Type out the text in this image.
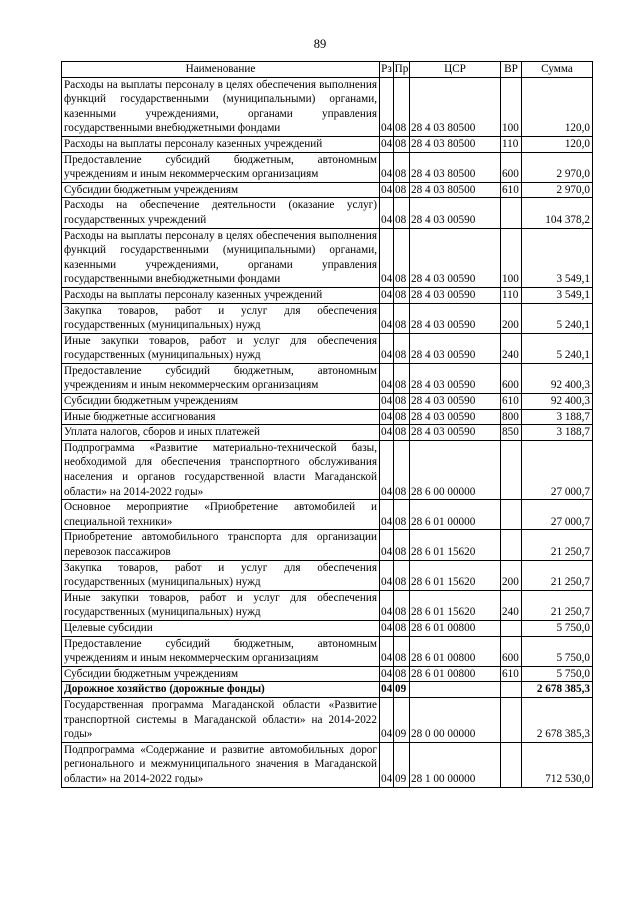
89
Наименование	Рз	Пр	ЦСР	ВР	Сумма
Расходы на выплаты персоналу в целях обеспечения выполнения функций государственными (муниципальными) органами, казенными учреждениями, органами управления государственными внебюджетными фондами	04	08	28 4 03 80500	100	120,0
Расходы на выплаты персоналу казенных учреждений	04	08	28 4 03 80500	110	120,0
Предоставление субсидий бюджетным, автономным учреждениям и иным некоммерческим организациям	04	08	28 4 03 80500	600	2 970,0
Субсидии бюджетным учреждениям	04	08	28 4 03 80500	610	2 970,0
Расходы на обеспечение деятельности (оказание услуг) государственных учреждений	04	08	28 4 03 00590		104 378,2
Расходы на выплаты персоналу в целях обеспечения выполнения функций государственными (муниципальными) органами, казенными учреждениями, органами управления государственными внебюджетными фондами	04	08	28 4 03 00590	100	3 549,1
Расходы на выплаты персоналу казенных учреждений	04	08	28 4 03 00590	110	3 549,1
Закупка товаров, работ и услуг для обеспечения государственных (муниципальных) нужд	04	08	28 4 03 00590	200	5 240,1
Иные закупки товаров, работ и услуг для обеспечения государственных (муниципальных) нужд	04	08	28 4 03 00590	240	5 240,1
Предоставление субсидий бюджетным, автономным учреждениям и иным некоммерческим организациям	04	08	28 4 03 00590	600	92 400,3
Субсидии бюджетным учреждениям	04	08	28 4 03 00590	610	92 400,3
Иные бюджетные ассигнования	04	08	28 4 03 00590	800	3 188,7
Уплата налогов, сборов и иных платежей	04	08	28 4 03 00590	850	3 188,7
Подпрограмма «Развитие материально-технической базы, необходимой для обеспечения транспортного обслуживания населения и органов государственной власти Магаданской области» на 2014-2022 годы»	04	08	28 6 00 00000		27 000,7
Основное мероприятие «Приобретение автомобилей и специальной техники»	04	08	28 6 01 00000		27 000,7
Приобретение автомобильного транспорта для организации перевозок пассажиров	04	08	28 6 01 15620		21 250,7
Закупка товаров, работ и услуг для обеспечения государственных (муниципальных) нужд	04	08	28 6 01 15620	200	21 250,7
Иные закупки товаров, работ и услуг для обеспечения государственных (муниципальных) нужд	04	08	28 6 01 15620	240	21 250,7
Целевые субсидии	04	08	28 6 01 00800		5 750,0
Предоставление субсидий бюджетным, автономным учреждениям и иным некоммерческим организациям	04	08	28 6 01 00800	600	5 750,0
Субсидии бюджетным учреждениям	04	08	28 6 01 00800	610	5 750,0
Дорожное хозяйство (дорожные фонды)	04	09			2 678 385,3
Государственная программа Магаданской области «Развитие транспортной системы в Магаданской области» на 2014-2022 годы»	04	09	28 0 00 00000		2 678 385,3
Подпрограмма «Содержание и развитие автомобильных дорог регионального и межмуниципального значения в Магаданской области» на 2014-2022 годы»	04	09	28 1 00 00000		712 530,0
